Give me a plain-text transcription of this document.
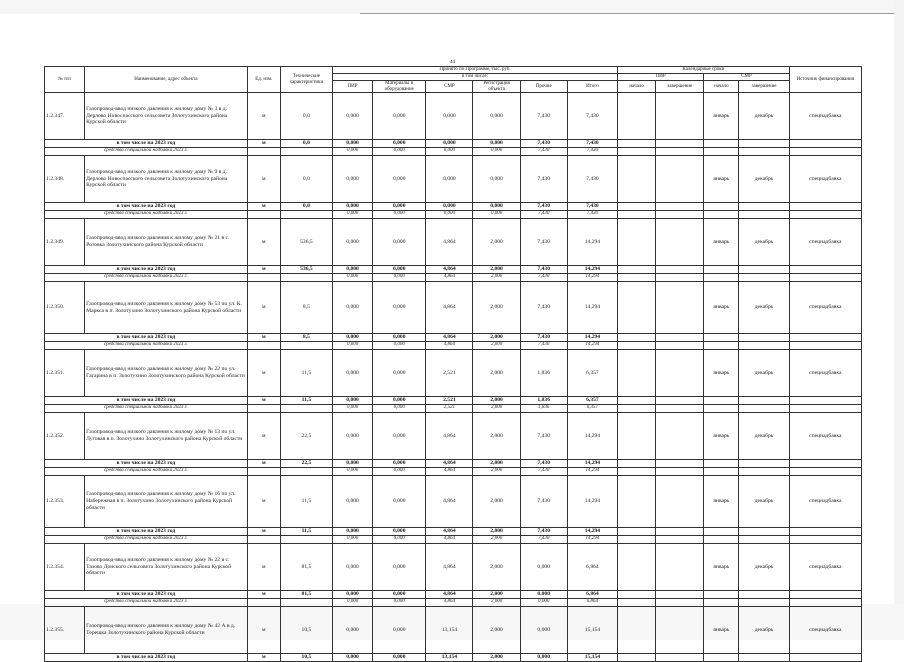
44
№ п/п	Наименование, адрес объекта	Ед. изм.	Технические характеристики	Принято по Программе, тыс. руб.						Календарные сроки				Источник финансирования
				в том числе:						ПИР		СМР		
				ПИР	Материалы и оборудование	СМР	Регистрация объекта	Прочие	Итого	начало	завершение	начало	завершение	

1.2.347.	Газопровод-ввод низкого давления к жилому дому № 3 в д. Дерлово Новоспасского сельсовета Золотухинского района Курской области	м	0,0	0,000	0,000	0,000	0,000	7,430	7,430			январь	декабрь	спецнадбавка
в том числе на 2023 год		м	0,0	0,000	0,000	0,000	0,000	7,430	7,430					
средства специальной надбавки 2023 г.				0,000	0,000	0,000	0,000	7,430	7,430					
1.2.348.	Газопровод-ввод низкого давления к жилому дому № 9 в д. Дерлово Новоспасского сельсовета Золотухинского района Курской области	м	0,0	0,000	0,000	0,000	0,000	7,430	7,430			январь	декабрь	спецнадбавка
в том числе на 2023 год		м	0,0	0,000	0,000	0,000	0,000	7,430	7,430					
средства специальной надбавки 2023 г.				0,000	0,000	0,000	0,000	7,430	7,430					
1.2.349.	Газопровод-ввод низкого давления к жилому дому № 21 в с. Ротовка Золотухинского района Курской области	м	536,5	0,000	0,000	4,864	2,000	7,430	14,294			январь	декабрь	спецнадбавка
в том числе на 2023 год		м	536,5	0,000	0,000	4,864	2,000	7,430	14,294					
средства специальной надбавки 2023 г.				0,000	0,000	4,864	2,000	7,430	14,294					
1.2.350.	Газопровод-ввод низкого давления к жилому дому № 53 по ул. К. Маркса в п. Золотухино Золотухинского района Курской области	м	8,5	0,000	0,000	4,864	2,000	7,430	14,294			январь	декабрь	спецнадбавка
в том числе на 2023 год		м	8,5	0,000	0,000	4,864	2,000	7,430	14,294					
средства специальной надбавки 2023 г.				0,000	0,000	4,864	2,000	7,430	14,294					
1.2.351.	Газопровод-ввод низкого давления к жилому дому № 22 по ул. Гагарина в п. Золотухино Золотухинского района Курской области	м	11,5	0,000	0,000	2,521	2,000	1,836	6,357			январь	декабрь	спецнадбавка
в том числе на 2023 год		м	11,5	0,000	0,000	2,521	2,000	1,836	6,357					
средства специальной надбавки 2023 г.				0,000	0,000	2,521	2,000	1,836	6,357					
1.2.352.	Газопровод-ввод низкого давления к жилому дому № 13 по ул. Луговая в п. Золотухино Золотухинского района Курской области	м	22,5	0,000	0,000	4,864	2,000	7,430	14,294			январь	декабрь	спецнадбавка
в том числе на 2023 год		м	22,5	0,000	0,000	4,864	2,000	7,430	14,294					
средства специальной надбавки 2023 г.				0,000	0,000	4,864	2,000	7,430	14,294					
1.2.353.	Газопровод-ввод низкого давления к жилому дому № 16 по ул. Набережная в п. Золотухино Золотухинского района Курской области	м	11,5	0,000	0,000	4,864	2,000	7,430	14,294			январь	декабрь	спецнадбавка
в том числе на 2023 год		м	11,5	0,000	0,000	4,864	2,000	7,430	14,294					
средства специальной надбавки 2023 г.				0,000	0,000	4,864	2,000	7,430	14,294					
1.2.354.	Газопровод-ввод низкого давления к жилому дому № 22 в с. Тазово Донского сельсовета Золотухинского района Курской области	м	81,5	0,000	0,000	4,864	2,000	0,000	6,864			январь	декабрь	спецнадбавка
в том числе на 2023 год		м	81,5	0,000	0,000	4,864	2,000	0,000	6,864					
средства специальной надбавки 2023 г.				0,000	0,000	4,864	2,000	0,000	6,864					
1.2.355.	Газопровод-ввод низкого давления к жилому дому № 42 А в д. Терешка Золотухинского района Курской области	м	10,5	0,000	0,000	13,154	2,000	0,000	15,154			январь	декабрь	спецнадбавка
в том числе на 2023 год		м	10,5	0,000	0,000	13,154	2,000	0,000	15,154					
